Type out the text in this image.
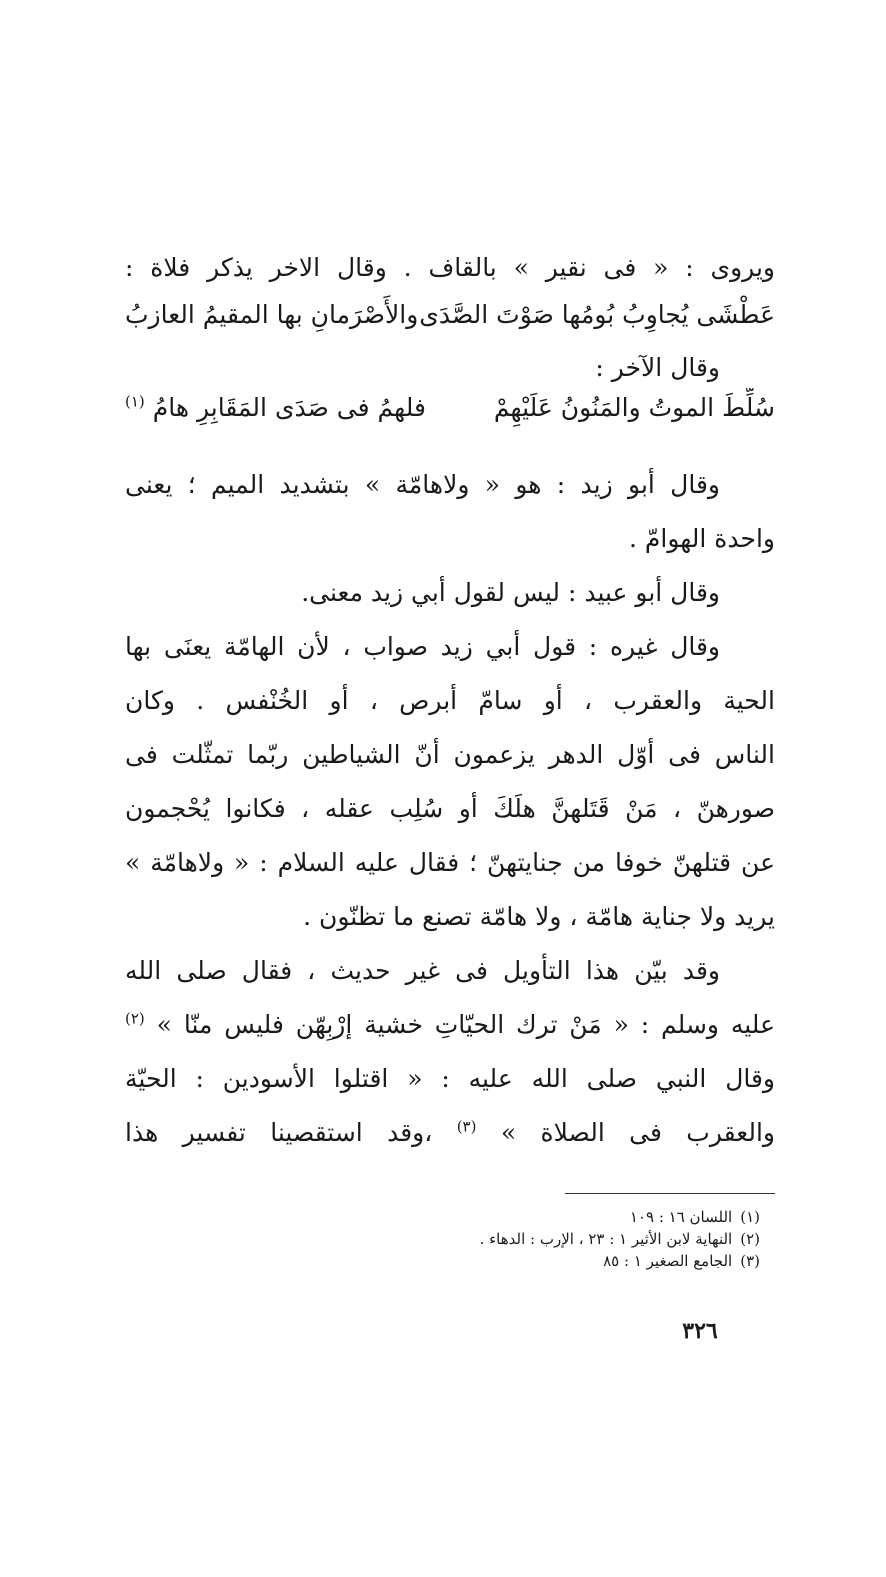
ويروى : « فى نقير » بالقاف . وقال الاخر يذكر فلاة :
عَطْشَى يُجاوِبُ بُومُها صَوْتَ الصَّدَى
والأَصْرَمانِ بها المقيمُ العازبُ
وقال الآخر :
سُلِّطَ الموتُ والمَنُونُ عَلَيْهِمْ
فلهمُ فى صَدَى المَقَابِرِ هامُ $^{(١)}$
وقال أبو زيد : هو « ولاهامّة » بتشديد الميم ؛ يعنى
واحدة الهوامّ .
وقال أبو عبيد : ليس لقول أبي زيد معنى.
وقال غيره : قول أبي زيد صواب ، لأن الهامّة يعنَى بها
الحية والعقرب ، أو سامّ أبرص ، أو الخُنْفس . وكان
الناس فى أوّل الدهر يزعمون أنّ الشياطين ربّما تمثّلت فى
صورهنّ ، مَنْ قَتَلهنَّ هلَكَ أو سُلِب عقله ، فكانوا يُحْجمون
عن قتلهنّ خوفا من جنايتهنّ ؛ فقال عليه السلام : « ولاهامّة »
يريد ولا جناية هامّة ، ولا هامّة تصنع ما تظنّون .
وقد بيّن هذا التأويل فى غير حديث ، فقال صلى الله
عليه وسلم : « مَنْ ترك الحيّاتِ خشية إرْبِهّن فليس منّا » $^{(٢)}$
وقال النبي صلى الله عليه : « اقتلوا الأسودين : الحيّة
والعقرب فى الصلاة » $^{(٣)}$ ،وقد استقصينا تفسير هذا
(١)اللسان ١٦ : ١٠٩
(٢)النهاية لابن الأثير ١ : ٢٣ ، الإرب : الدهاء .
(٣)الجامع الصغير ١ : ٨٥
٣٢٦
